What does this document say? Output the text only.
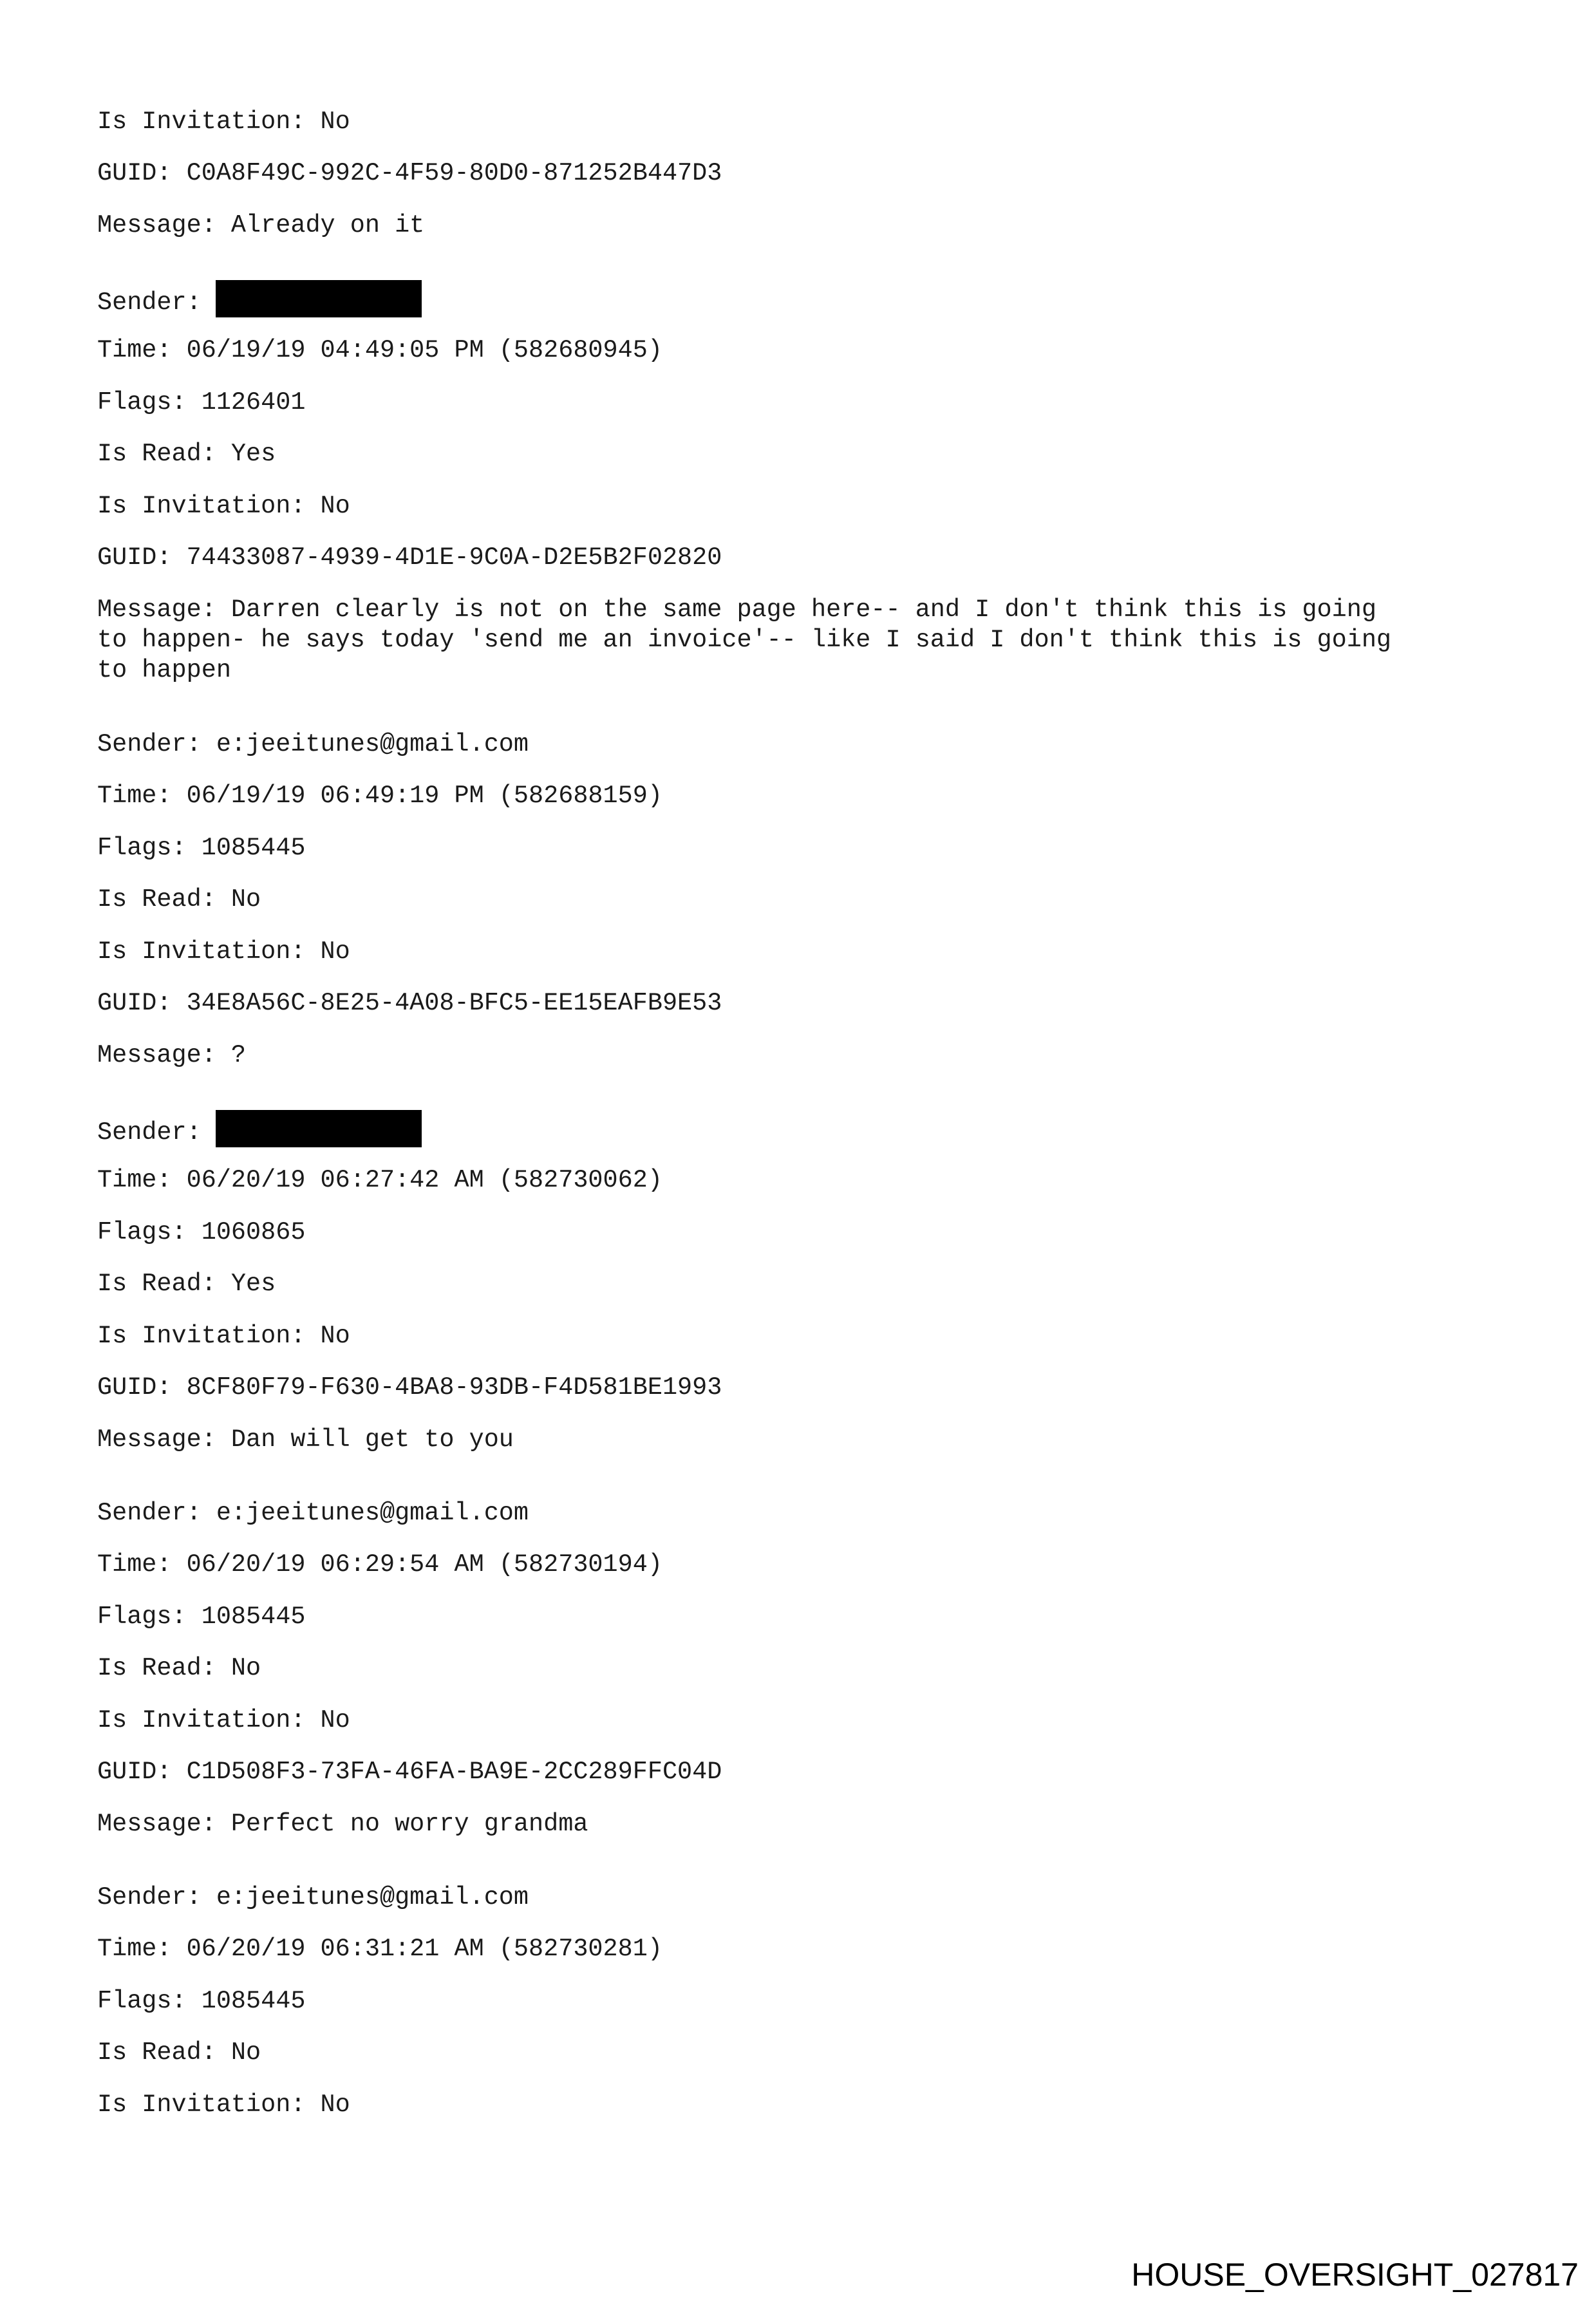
Is Invitation: No
GUID: C0A8F49C-992C-4F59-80D0-871252B447D3
Message: Already on it
Sender:
Time: 06/19/19 04:49:05 PM (582680945)
Flags: 1126401
Is Read: Yes
Is Invitation: No
GUID: 74433087-4939-4D1E-9C0A-D2E5B2F02820
Message: Darren clearly is not on the same page here-- and I don't think this is going
to happen- he says today 'send me an invoice'-- like I said I don't think this is going
to happen
Sender: e:jeeitunes@gmail.com
Time: 06/19/19 06:49:19 PM (582688159)
Flags: 1085445
Is Read: No
Is Invitation: No
GUID: 34E8A56C-8E25-4A08-BFC5-EE15EAFB9E53
Message: ?
Sender:
Time: 06/20/19 06:27:42 AM (582730062)
Flags: 1060865
Is Read: Yes
Is Invitation: No
GUID: 8CF80F79-F630-4BA8-93DB-F4D581BE1993
Message: Dan will get to you
Sender: e:jeeitunes@gmail.com
Time: 06/20/19 06:29:54 AM (582730194)
Flags: 1085445
Is Read: No
Is Invitation: No
GUID: C1D508F3-73FA-46FA-BA9E-2CC289FFC04D
Message: Perfect no worry grandma
Sender: e:jeeitunes@gmail.com
Time: 06/20/19 06:31:21 AM (582730281)
Flags: 1085445
Is Read: No
Is Invitation: No
HOUSE_OVERSIGHT_027817
